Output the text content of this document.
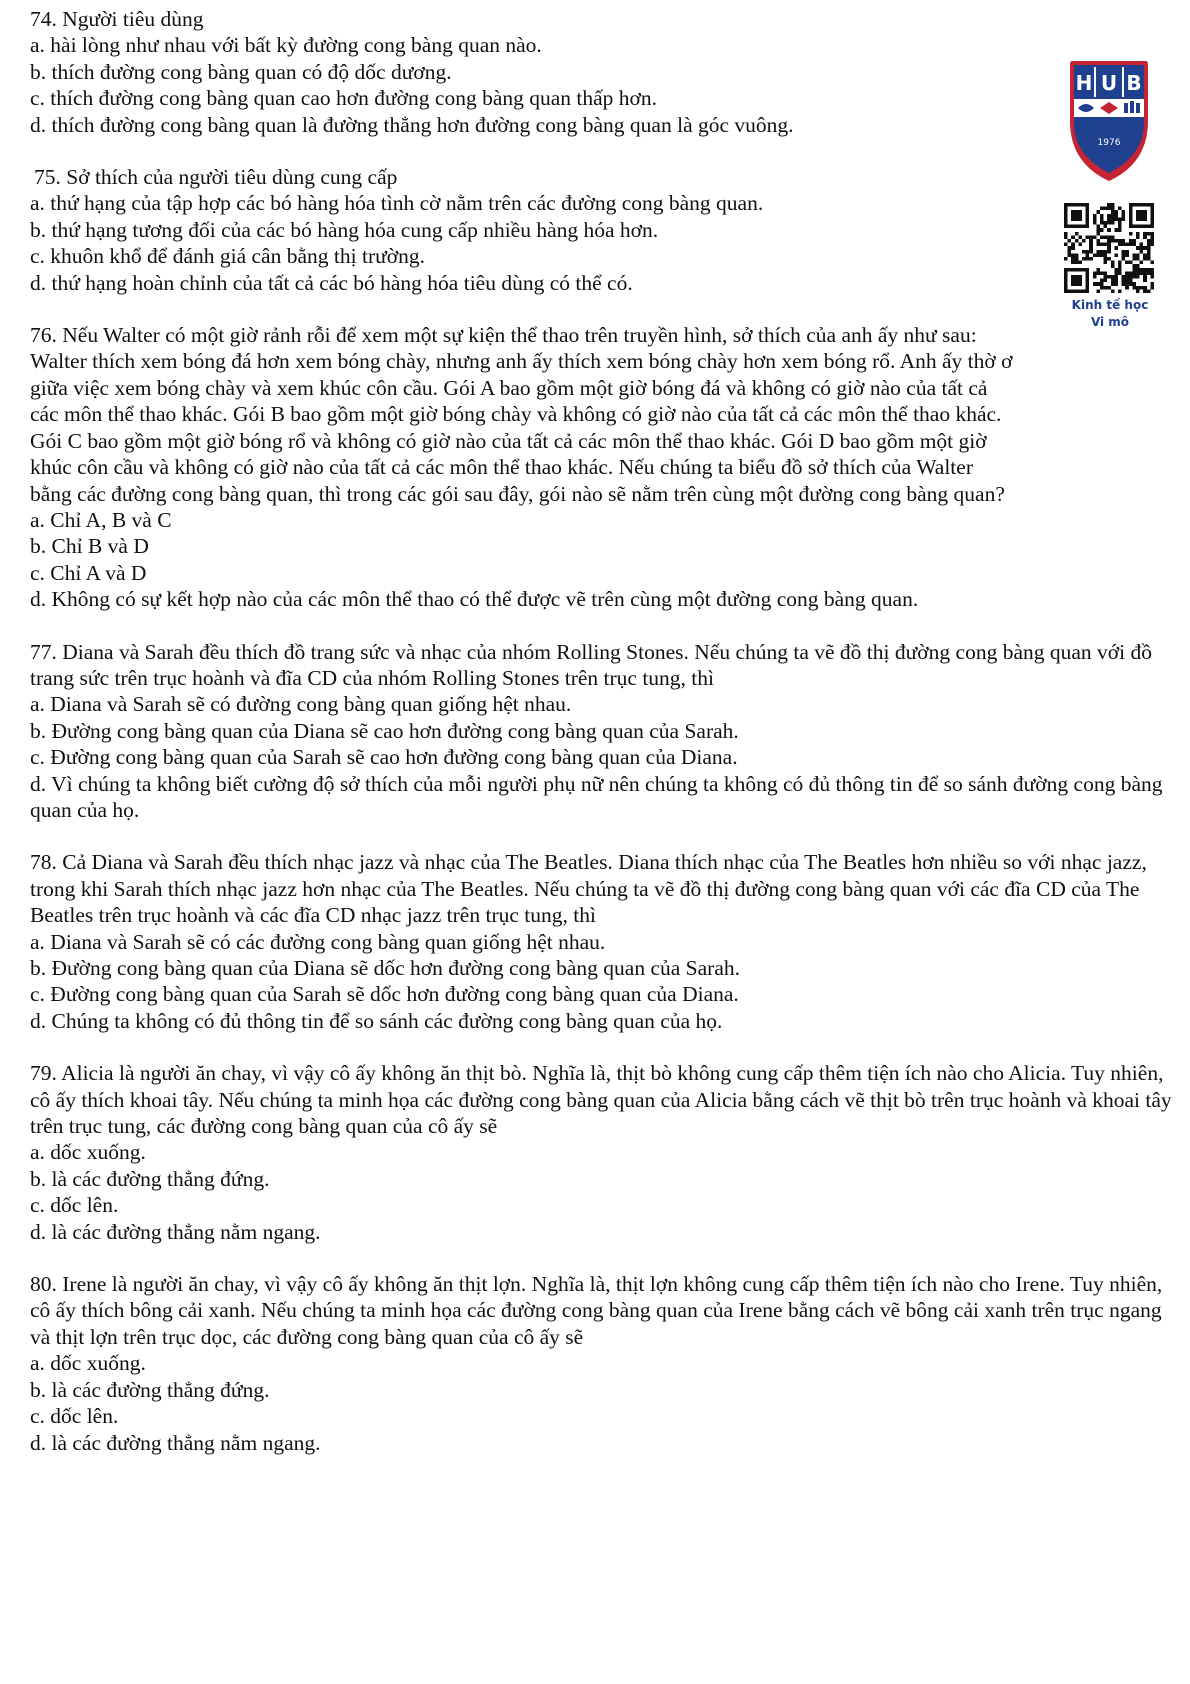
74. Người tiêu dùng
a. hài lòng như nhau với bất kỳ đường cong bàng quan nào.
b. thích đường cong bàng quan có độ dốc dương.
c. thích đường cong bàng quan cao hơn đường cong bàng quan thấp hơn.
d. thích đường cong bàng quan là đường thẳng hơn đường cong bàng quan là góc vuông.
75. Sở thích của người tiêu dùng cung cấp
a. thứ hạng của tập hợp các bó hàng hóa tình cờ nằm trên các đường cong bàng quan.
b. thứ hạng tương đối của các bó hàng hóa cung cấp nhiều hàng hóa hơn.
c. khuôn khổ để đánh giá cân bằng thị trường.
d. thứ hạng hoàn chỉnh của tất cả các bó hàng hóa tiêu dùng có thể có.
76. Nếu Walter có một giờ rảnh rỗi để xem một sự kiện thể thao trên truyền hình, sở thích của anh ấy như sau: Walter thích xem bóng đá hơn xem bóng chày, nhưng anh ấy thích xem bóng chày hơn xem bóng rổ. Anh ấy thờ ơ giữa việc xem bóng chày và xem khúc côn cầu. Gói A bao gồm một giờ bóng đá và không có giờ nào của tất cả các môn thể thao khác. Gói B bao gồm một giờ bóng chày và không có giờ nào của tất cả các môn thể thao khác. Gói C bao gồm một giờ bóng rổ và không có giờ nào của tất cả các môn thể thao khác. Gói D bao gồm một giờ khúc côn cầu và không có giờ nào của tất cả các môn thể thao khác. Nếu chúng ta biểu đồ sở thích của Walter bằng các đường cong bàng quan, thì trong các gói sau đây, gói nào sẽ nằm trên cùng một đường cong bàng quan?
a. Chỉ A, B và C
b. Chỉ B và D
c. Chỉ A và D
d. Không có sự kết hợp nào của các môn thể thao có thể được vẽ trên cùng một đường cong bàng quan.
77. Diana và Sarah đều thích đồ trang sức và nhạc của nhóm Rolling Stones. Nếu chúng ta vẽ đồ thị đường cong bàng quan với đồ trang sức trên trục hoành và đĩa CD của nhóm Rolling Stones trên trục tung, thì
a. Diana và Sarah sẽ có đường cong bàng quan giống hệt nhau.
b. Đường cong bàng quan của Diana sẽ cao hơn đường cong bàng quan của Sarah.
c. Đường cong bàng quan của Sarah sẽ cao hơn đường cong bàng quan của Diana.
d. Vì chúng ta không biết cường độ sở thích của mỗi người phụ nữ nên chúng ta không có đủ thông tin để so sánh đường cong bàng quan của họ.
78. Cả Diana và Sarah đều thích nhạc jazz và nhạc của The Beatles. Diana thích nhạc của The Beatles hơn nhiều so với nhạc jazz, trong khi Sarah thích nhạc jazz hơn nhạc của The Beatles. Nếu chúng ta vẽ đồ thị đường cong bàng quan với các đĩa CD của The Beatles trên trục hoành và các đĩa CD nhạc jazz trên trục tung, thì
a. Diana và Sarah sẽ có các đường cong bàng quan giống hệt nhau.
b. Đường cong bàng quan của Diana sẽ dốc hơn đường cong bàng quan của Sarah.
c. Đường cong bàng quan của Sarah sẽ dốc hơn đường cong bàng quan của Diana.
d. Chúng ta không có đủ thông tin để so sánh các đường cong bàng quan của họ.
79. Alicia là người ăn chay, vì vậy cô ấy không ăn thịt bò. Nghĩa là, thịt bò không cung cấp thêm tiện ích nào cho Alicia. Tuy nhiên, cô ấy thích khoai tây. Nếu chúng ta minh họa các đường cong bàng quan của Alicia bằng cách vẽ thịt bò trên trục hoành và khoai tây trên trục tung, các đường cong bàng quan của cô ấy sẽ
a. dốc xuống.
b. là các đường thẳng đứng.
c. dốc lên.
d. là các đường thẳng nằm ngang.
80. Irene là người ăn chay, vì vậy cô ấy không ăn thịt lợn. Nghĩa là, thịt lợn không cung cấp thêm tiện ích nào cho Irene. Tuy nhiên, cô ấy thích bông cải xanh. Nếu chúng ta minh họa các đường cong bàng quan của Irene bằng cách vẽ bông cải xanh trên trục ngang và thịt lợn trên trục dọc, các đường cong bàng quan của cô ấy sẽ
a. dốc xuống.
b. là các đường thẳng đứng.
c. dốc lên.
d. là các đường thẳng nằm ngang.
H U B
1976
Kinh tế học
Vi mô
